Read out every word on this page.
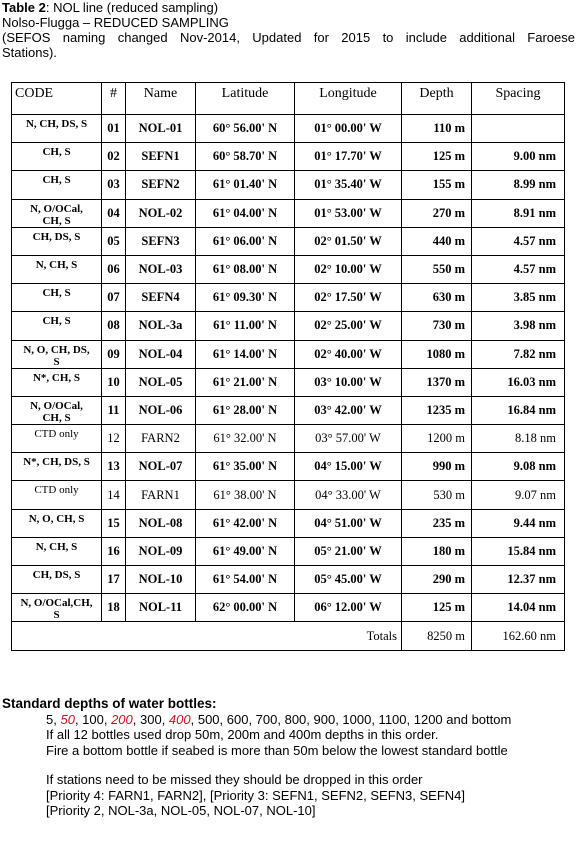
Table 2: NOL line (reduced sampling)
Nolso-Flugga – REDUCED SAMPLING
(SEFOS naming changed Nov-2014, Updated for 2015 to include additional Faroese
Stations).
CODE	#	Name	Latitude	Longitude	Depth	Spacing

N, CH, DS, S	01	NOL-01	60° 56.00' N	01° 00.00' W	110 m	

CH, S	02	SEFN1	60° 58.70' N	01° 17.70' W	125 m	9.00 nm

CH, S	03	SEFN2	61° 01.40' N	01° 35.40' W	155 m	8.99 nm

N, O/OCal,
CH, S	04	NOL-02	61° 04.00' N	01° 53.00' W	270 m	8.91 nm

CH, DS, S	05	SEFN3	61° 06.00' N	02° 01.50' W	440 m	4.57 nm

N, CH, S	06	NOL-03	61° 08.00' N	02° 10.00' W	550 m	4.57 nm

CH, S	07	SEFN4	61° 09.30' N	02° 17.50' W	630 m	3.85 nm

CH, S	08	NOL-3a	61° 11.00' N	02° 25.00' W	730 m	3.98 nm

N, O, CH, DS,
S	09	NOL-04	61° 14.00' N	02° 40.00' W	1080 m	7.82 nm

N*, CH, S	10	NOL-05	61° 21.00' N	03° 10.00' W	1370 m	16.03 nm

N, O/OCal,
CH, S	11	NOL-06	61° 28.00' N	03° 42.00' W	1235 m	16.84 nm

CTD only	12	FARN2	61° 32.00' N	03° 57.00' W	1200 m	8.18 nm

N*, CH, DS, S	13	NOL-07	61° 35.00' N	04° 15.00' W	990 m	9.08 nm

CTD only	14	FARN1	61° 38.00' N	04° 33.00' W	530 m	9.07 nm

N, O, CH, S	15	NOL-08	61° 42.00' N	04° 51.00' W	235 m	9.44 nm

N, CH, S	16	NOL-09	61° 49.00' N	05° 21.00' W	180 m	15.84 nm

CH, DS, S	17	NOL-10	61° 54.00' N	05° 45.00' W	290 m	12.37 nm

N, O/OCal,CH,
S	18	NOL-11	62° 00.00' N	06° 12.00' W	125 m	14.04 nm
Totals					8250 m	162.60 nm
Standard depths of water bottles:
5, 50, 100, 200, 300, 400, 500, 600, 700, 800, 900, 1000, 1100, 1200 and bottom
If all 12 bottles used drop 50m, 200m and 400m depths in this order.
Fire a bottom bottle if seabed is more than 50m below the lowest standard bottle
If stations need to be missed they should be dropped in this order
[Priority 4: FARN1, FARN2], [Priority 3: SEFN1, SEFN2, SEFN3, SEFN4]
[Priority 2, NOL-3a, NOL-05, NOL-07, NOL-10]
